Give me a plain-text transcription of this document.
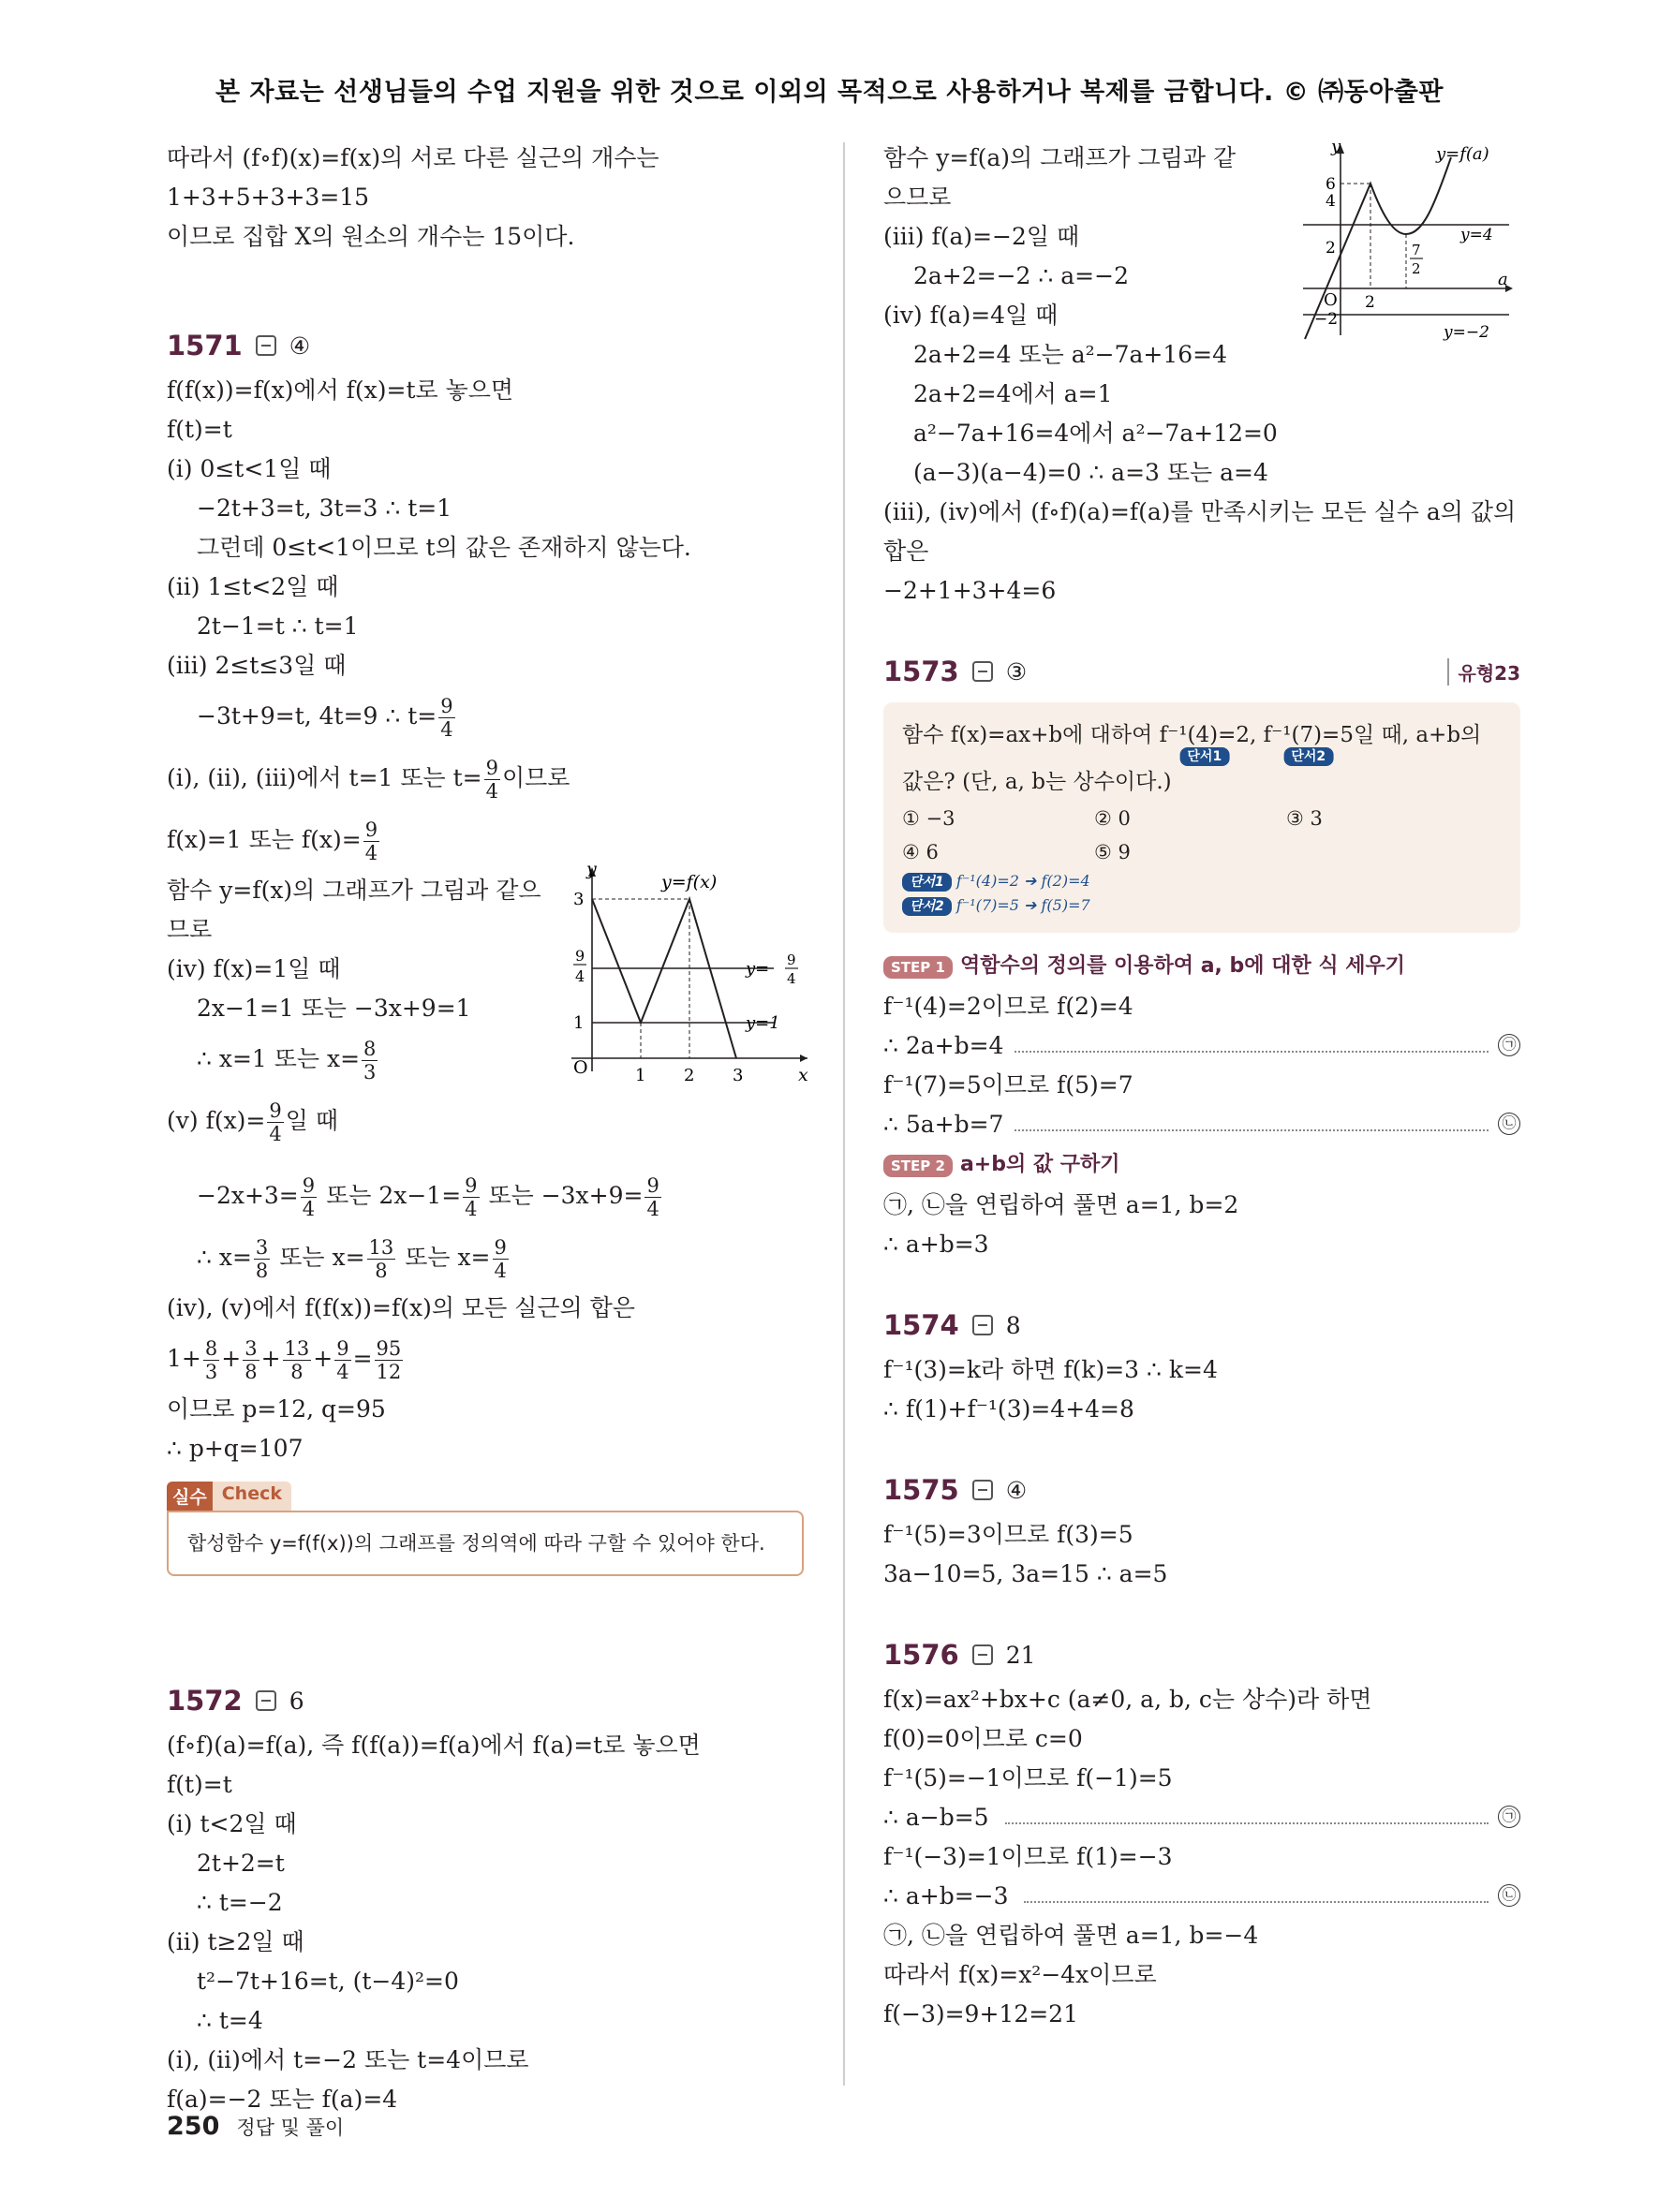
본 자료는 선생님들의 수업 지원을 위한 것으로 이외의 목적으로 사용하거나 복제를 금합니다. © ㈜동아출판
따라서 (f∘f)(x)=f(x)의 서로 다른 실근의 개수는
1+3+5+3+3=15
이므로 집합 X의 원소의 개수는 15이다.
1571 ④
f(f(x))=f(x)에서 f(x)=t로 놓으면
f(t)=t
(ⅰ) 0≤t<1일 때
−2t+3=t, 3t=3 ∴ t=1
그런데 0≤t<1이므로 t의 값은 존재하지 않는다.
(ⅱ) 1≤t<2일 때
2t−1=t ∴ t=1
(ⅲ) 2≤t≤3일 때
−3t+9=t, 4t=9 ∴ $t= \frac{9}{4}$
(ⅰ), (ⅱ), (ⅲ)에서 t=1 또는 $t= \frac{9}{4}$ 이므로
f(x)=1 또는 $f(x)= \frac{9}{4}$
함수 y=f(x)의 그래프가 그림과 같으
므로
(ⅳ) f(x)=1일 때
2x−1=1 또는 −3x+9=1
∴ x=1 또는 $x= \frac{8}{3}$
y
x
O
y=f(x)
3
9
4
1
1 2 3
y= 9
4
y=1
(ⅴ) $f(x)= \frac{9}{4}$ 일 때
$-2x+3= \frac{9}{4}$ 또는 $2x-1= \frac{9}{4}$ 또는 $-3x+9= \frac{9}{4}$
∴ $x= \frac{3}{8}$ 또는 $x= \frac{13}{8}$ 또는 $x= \frac{9}{4}$
(ⅳ), (ⅴ)에서 f(f(x))=f(x)의 모든 실근의 합은
$1+ \frac{8}{3} + \frac{3}{8} + \frac{13}{8} + \frac{9}{4} = \frac{95}{12}$
이므로 p=12, q=95
∴ p+q=107
실수 Check
합성함수 y=f(f(x))의 그래프를 정의역에 따라 구할 수 있어야 한다.
1572 6
(f∘f)(a)=f(a), 즉 f(f(a))=f(a)에서 f(a)=t로 놓으면
f(t)=t
(ⅰ) t<2일 때
2t+2=t
∴ t=−2
(ⅱ) t≥2일 때
t²−7t+16=t, (t−4)²=0
∴ t=4
(ⅰ), (ⅱ)에서 t=−2 또는 t=4이므로
f(a)=−2 또는 f(a)=4
함수 y=f(a)의 그래프가 그림과 같
으므로
(ⅲ) f(a)=−2일 때
2a+2=−2 ∴ a=−2
(ⅳ) f(a)=4일 때
y
a
O
y=f(a)
6
4
2
−2
2
7
2
y=4
y=−2
2a+2=4 또는 a²−7a+16=4
2a+2=4에서 a=1
a²−7a+16=4에서 a²−7a+12=0
(a−3)(a−4)=0 ∴ a=3 또는 a=4
(ⅲ), (ⅳ)에서 (f∘f)(a)=f(a)를 만족시키는 모든 실수 a의 값의
합은
−2+1+3+4=6
1573 ③	유형23
함수 f(x)=ax+b에 대하여 f⁻¹(4)=2
단서1
, f⁻¹(7)=5
단서2
일 때, a+b의
값은? (단, a, b는 상수이다.)
① −3	② 0	③ 3
④ 6	⑤ 9
단서1 f⁻¹(4)=2 ➔ f(2)=4
단서2 f⁻¹(7)=5 ➔ f(5)=7
STEP 1 역함수의 정의를 이용하여 a, b에 대한 식 세우기
f⁻¹(4)=2이므로 f(2)=4
∴ 2a+b=4	㉠
f⁻¹(7)=5이므로 f(5)=7
∴ 5a+b=7	㉡
STEP 2 a+b의 값 구하기
㉠, ㉡을 연립하여 풀면 a=1, b=2
∴ a+b=3
1574 8
f⁻¹(3)=k라 하면 f(k)=3 ∴ k=4
∴ f(1)+f⁻¹(3)=4+4=8
1575 ④
f⁻¹(5)=3이므로 f(3)=5
3a−10=5, 3a=15 ∴ a=5
1576 21
f(x)=ax²+bx+c (a≠0, a, b, c는 상수)라 하면
f(0)=0이므로 c=0
f⁻¹(5)=−1이므로 f(−1)=5
∴ a−b=5	㉠
f⁻¹(−3)=1이므로 f(1)=−3
∴ a+b=−3	㉡
㉠, ㉡을 연립하여 풀면 a=1, b=−4
따라서 f(x)=x²−4x이므로
f(−3)=9+12=21
250 정답 및 풀이
